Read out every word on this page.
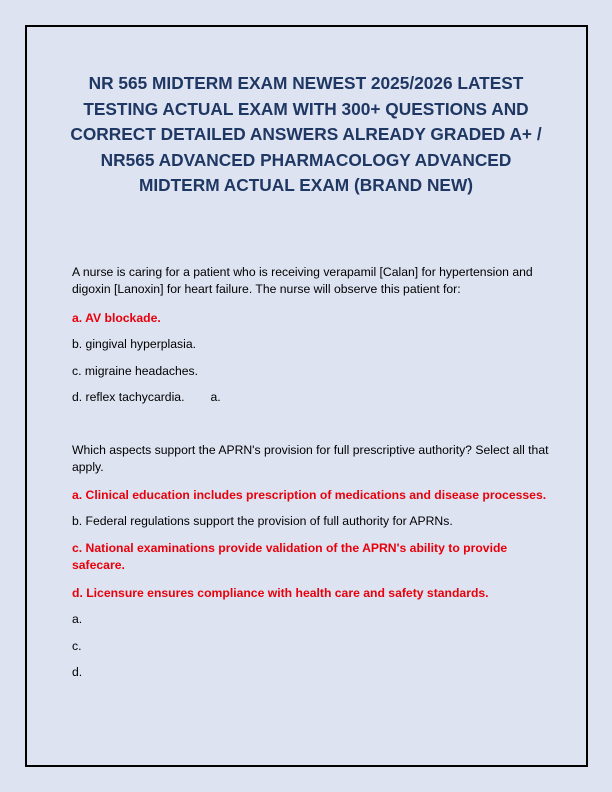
NR 565 MIDTERM EXAM NEWEST 2025/2026 LATEST TESTING ACTUAL EXAM WITH 300+ QUESTIONS AND CORRECT DETAILED ANSWERS ALREADY GRADED A+ / NR565 ADVANCED PHARMACOLOGY ADVANCED MIDTERM ACTUAL EXAM (BRAND NEW)

A nurse is caring for a patient who is receiving verapamil [Calan] for hypertension and digoxin [Lanoxin] for heart failure. The nurse will observe this patient for:

a. AV blockade.

b. gingival hyperplasia.

c. migraine headaches.

d. reflex tachycardia. a.

Which aspects support the APRN's provision for full prescriptive authority? Select all that apply.

a. Clinical education includes prescription of medications and disease processes.

b. Federal regulations support the provision of full authority for APRNs.

c. National examinations provide validation of the APRN's ability to provide safecare.

d. Licensure ensures compliance with health care and safety standards.

a.

c.

d.
